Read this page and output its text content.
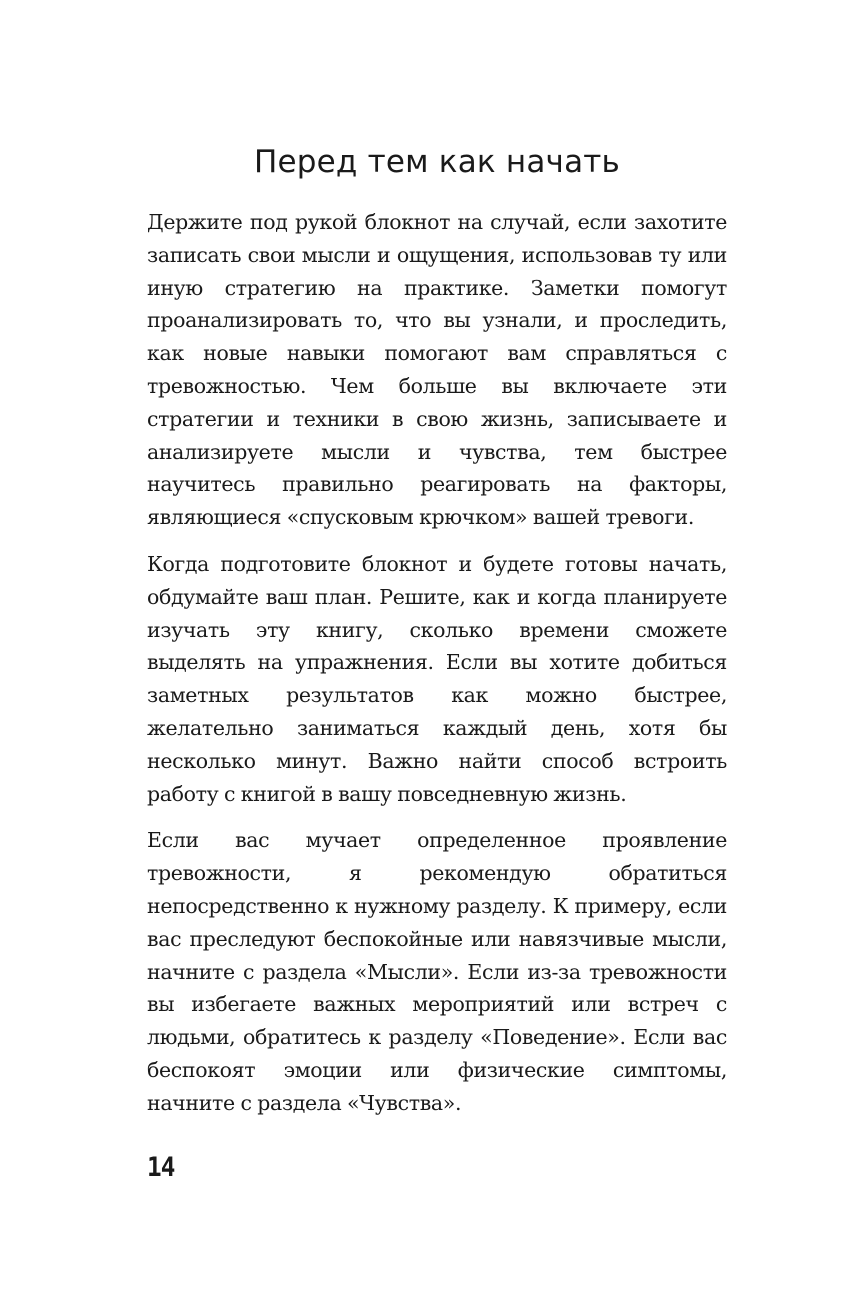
Перед тем как начать

Держите под рукой блокнот на случай, если захотите записать свои мысли и ощущения, использовав ту или иную стратегию на практике. Заметки помогут проанализировать то, что вы узнали, и проследить, как новые навыки помогают вам справляться с тревожностью. Чем больше вы включаете эти стратегии и техники в свою жизнь, записываете и анализируете мысли и чувства, тем быстрее научитесь правильно реагировать на факторы, являющиеся «спусковым крючком» вашей тревоги.

Когда подготовите блокнот и будете готовы начать, обдумайте ваш план. Решите, как и когда планируете изучать эту книгу, сколько времени сможете выделять на упражнения. Если вы хотите добиться заметных результатов как можно быстрее, желательно заниматься каждый день, хотя бы несколько минут. Важно найти способ встроить работу с книгой в вашу повседневную жизнь.

Если вас мучает определенное проявление тревожности, я рекомендую обратиться непосредственно к нужному разделу. К примеру, если вас преследуют беспокойные или навязчивые мысли, начните с раздела «Мысли». Если из-за тревожности вы избегаете важных мероприятий или встреч с людьми, обратитесь к разделу «Поведение». Если вас беспокоят эмоции или физические симптомы, начните с раздела «Чувства».

14
